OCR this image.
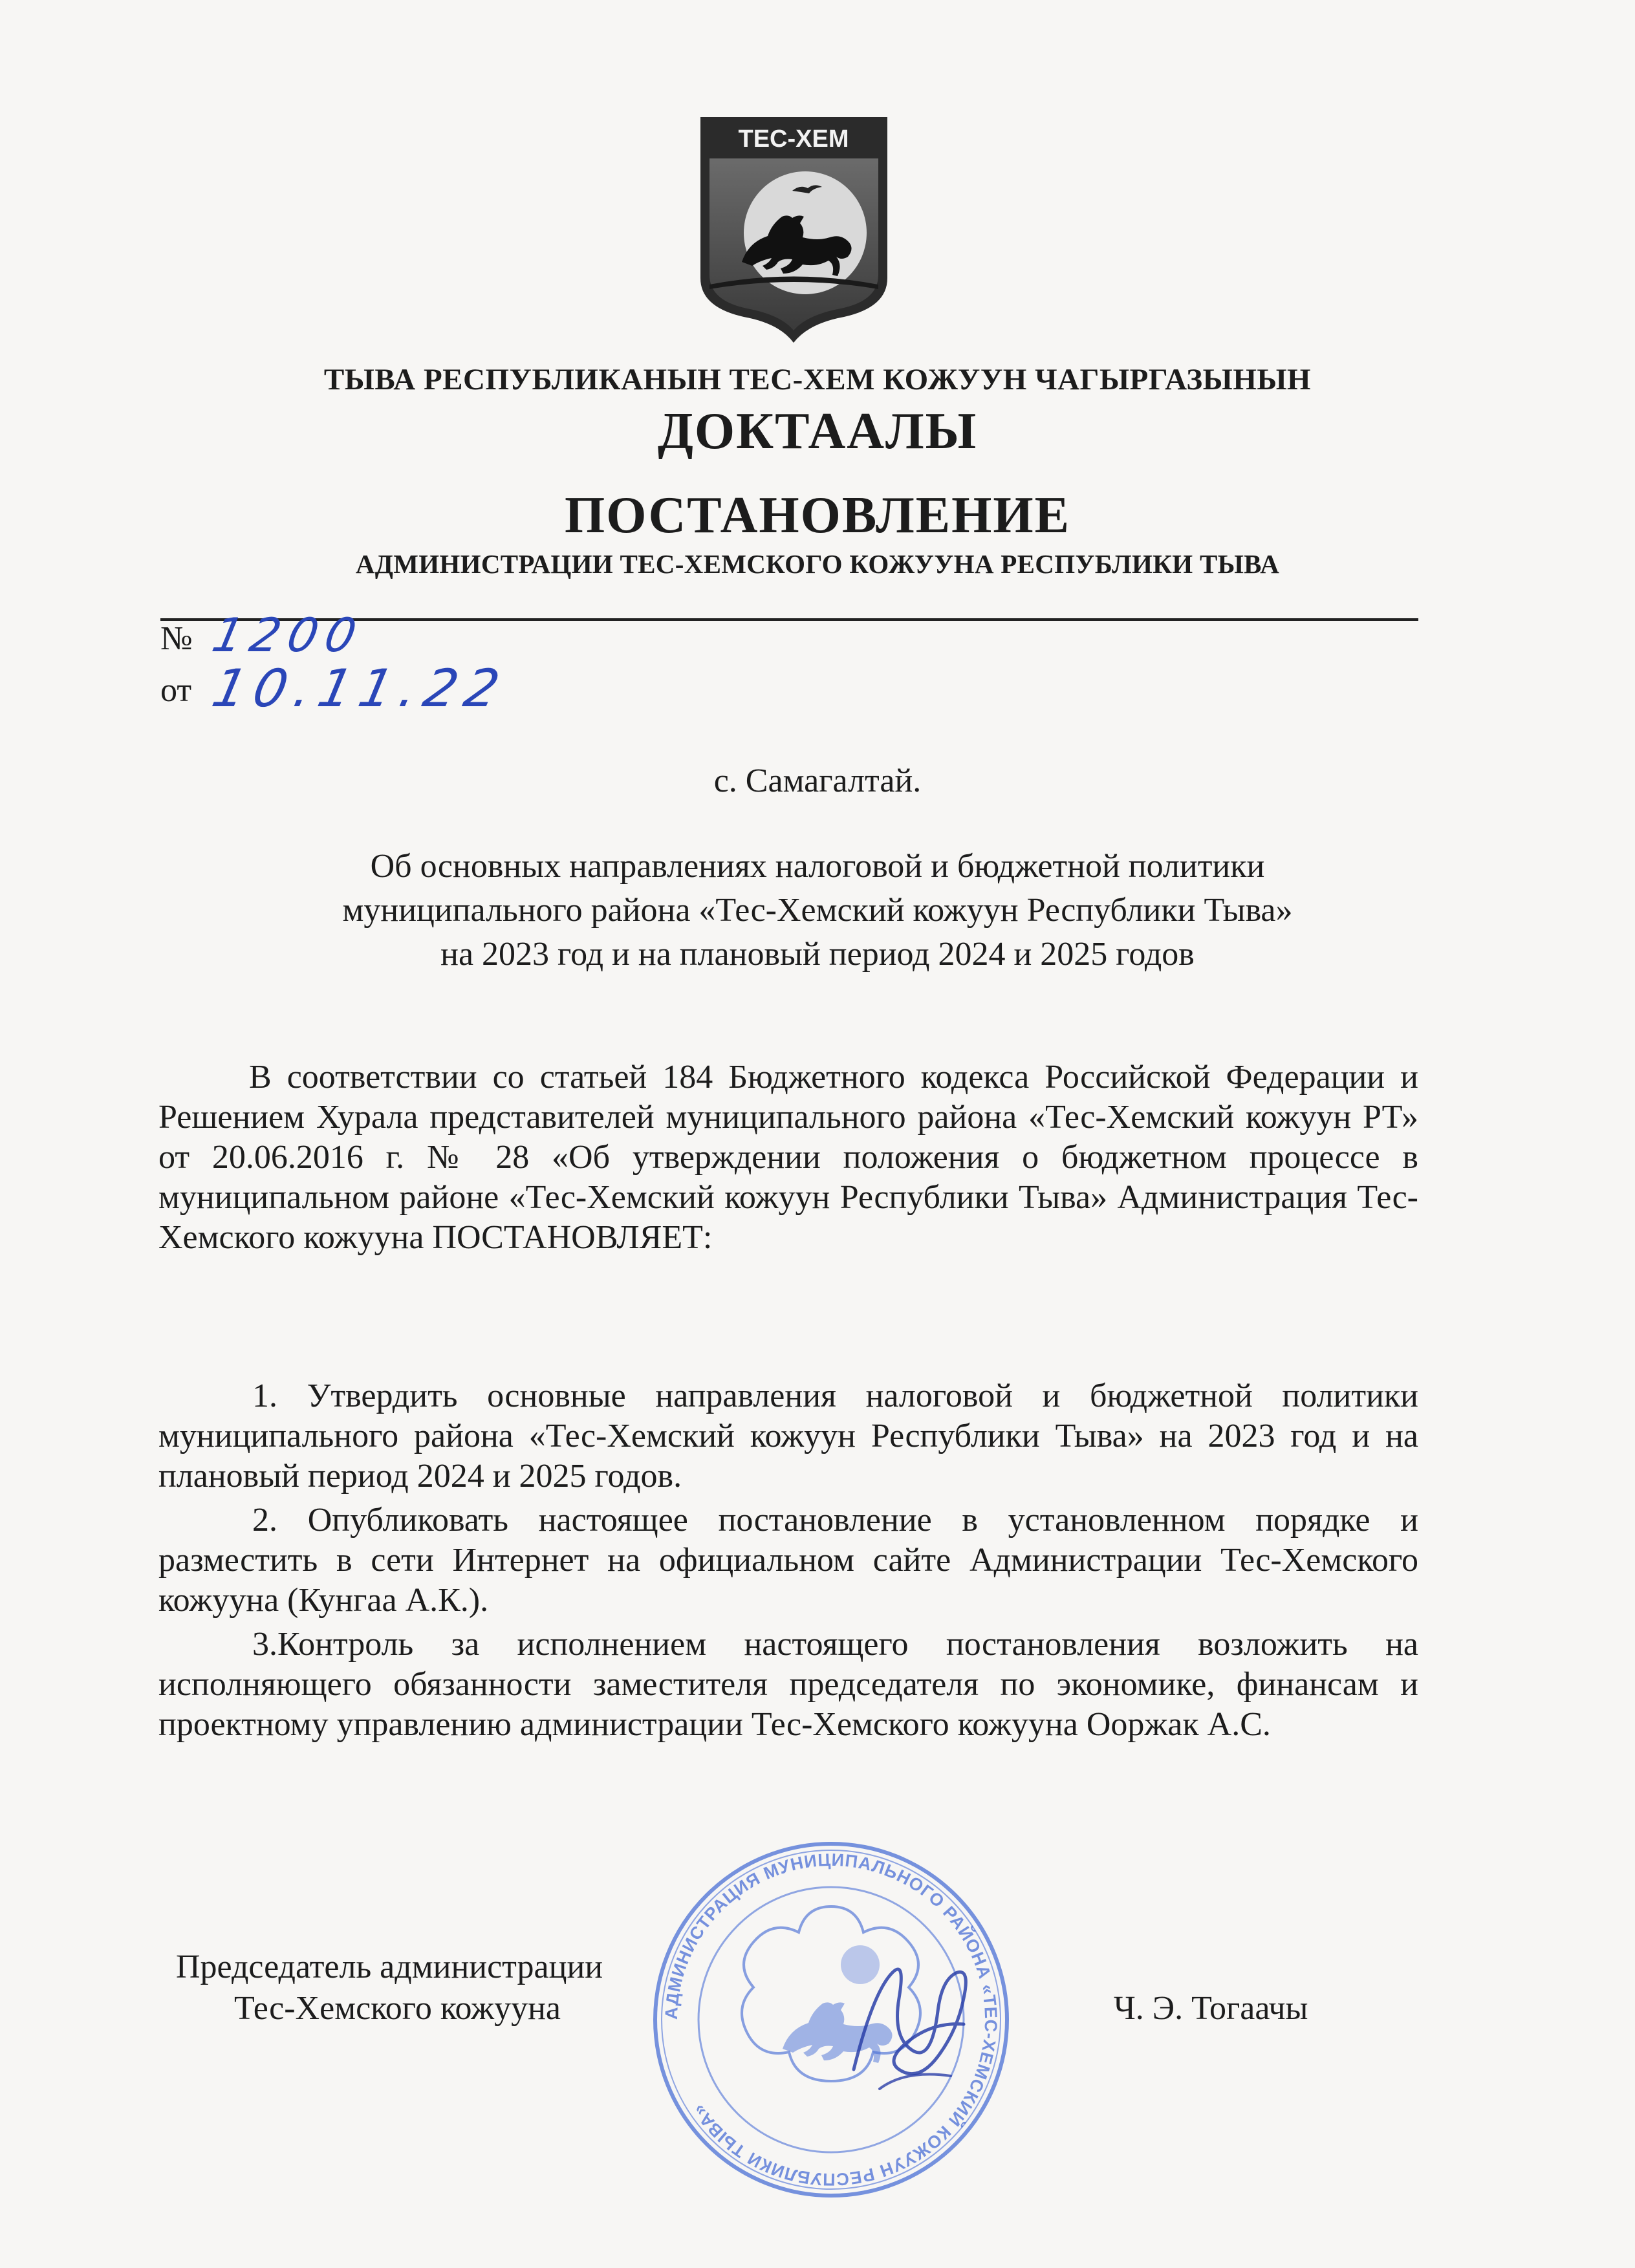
ТЕС-ХЕМ
ТЫВА РЕСПУБЛИКАНЫН ТЕС-ХЕМ КОЖУУН ЧАГЫРГАЗЫНЫН
ДОКТААЛЫ
ПОСТАНОВЛЕНИЕ
АДМИНИСТРАЦИИ ТЕС-ХЕМСКОГО КОЖУУНА РЕСПУБЛИКИ ТЫВА
№ 1200
от 10.11.22
с. Самагалтай.
Об основных направлениях налоговой и бюджетной политики
муниципального района «Тес-Хемский кожуун Республики Тыва»
на 2023 год и на плановый период 2024 и 2025 годов
В соответствии со статьей 184 Бюджетного кодекса Российской Федерации и Решением Хурала представителей муниципального района «Тес-Хемский кожуун РТ» от 20.06.2016 г. № 28 «Об утверждении положения о бюджетном процессе в муниципальном районе «Тес-Хемский кожуун Республики Тыва» Администрация Тес-Хемского кожууна ПОСТАНОВЛЯЕТ:
1. Утвердить основные направления налоговой и бюджетной политики муниципального района «Тес-Хемский кожуун Республики Тыва» на 2023 год и на плановый период 2024 и 2025 годов.
2. Опубликовать настоящее постановление в установленном порядке и разместить в сети Интернет на официальном сайте Администрации Тес-Хемского кожууна (Кунгаа А.К.).
3.Контроль за исполнением настоящего постановления возложить на исполняющего обязанности заместителя председателя по экономике, финансам и проектному управлению администрации Тес-Хемского кожууна Ооржак А.С.
АДМИНИСТРАЦИЯ МУНИЦИПАЛЬНОГО РАЙОНА «ТЕС-ХЕМСКИЙ КОЖУУН РЕСПУБЛИКИ ТЫВА»
Председатель администрации
Тес-Хемского кожууна	Ч. Э. Тогаачы
